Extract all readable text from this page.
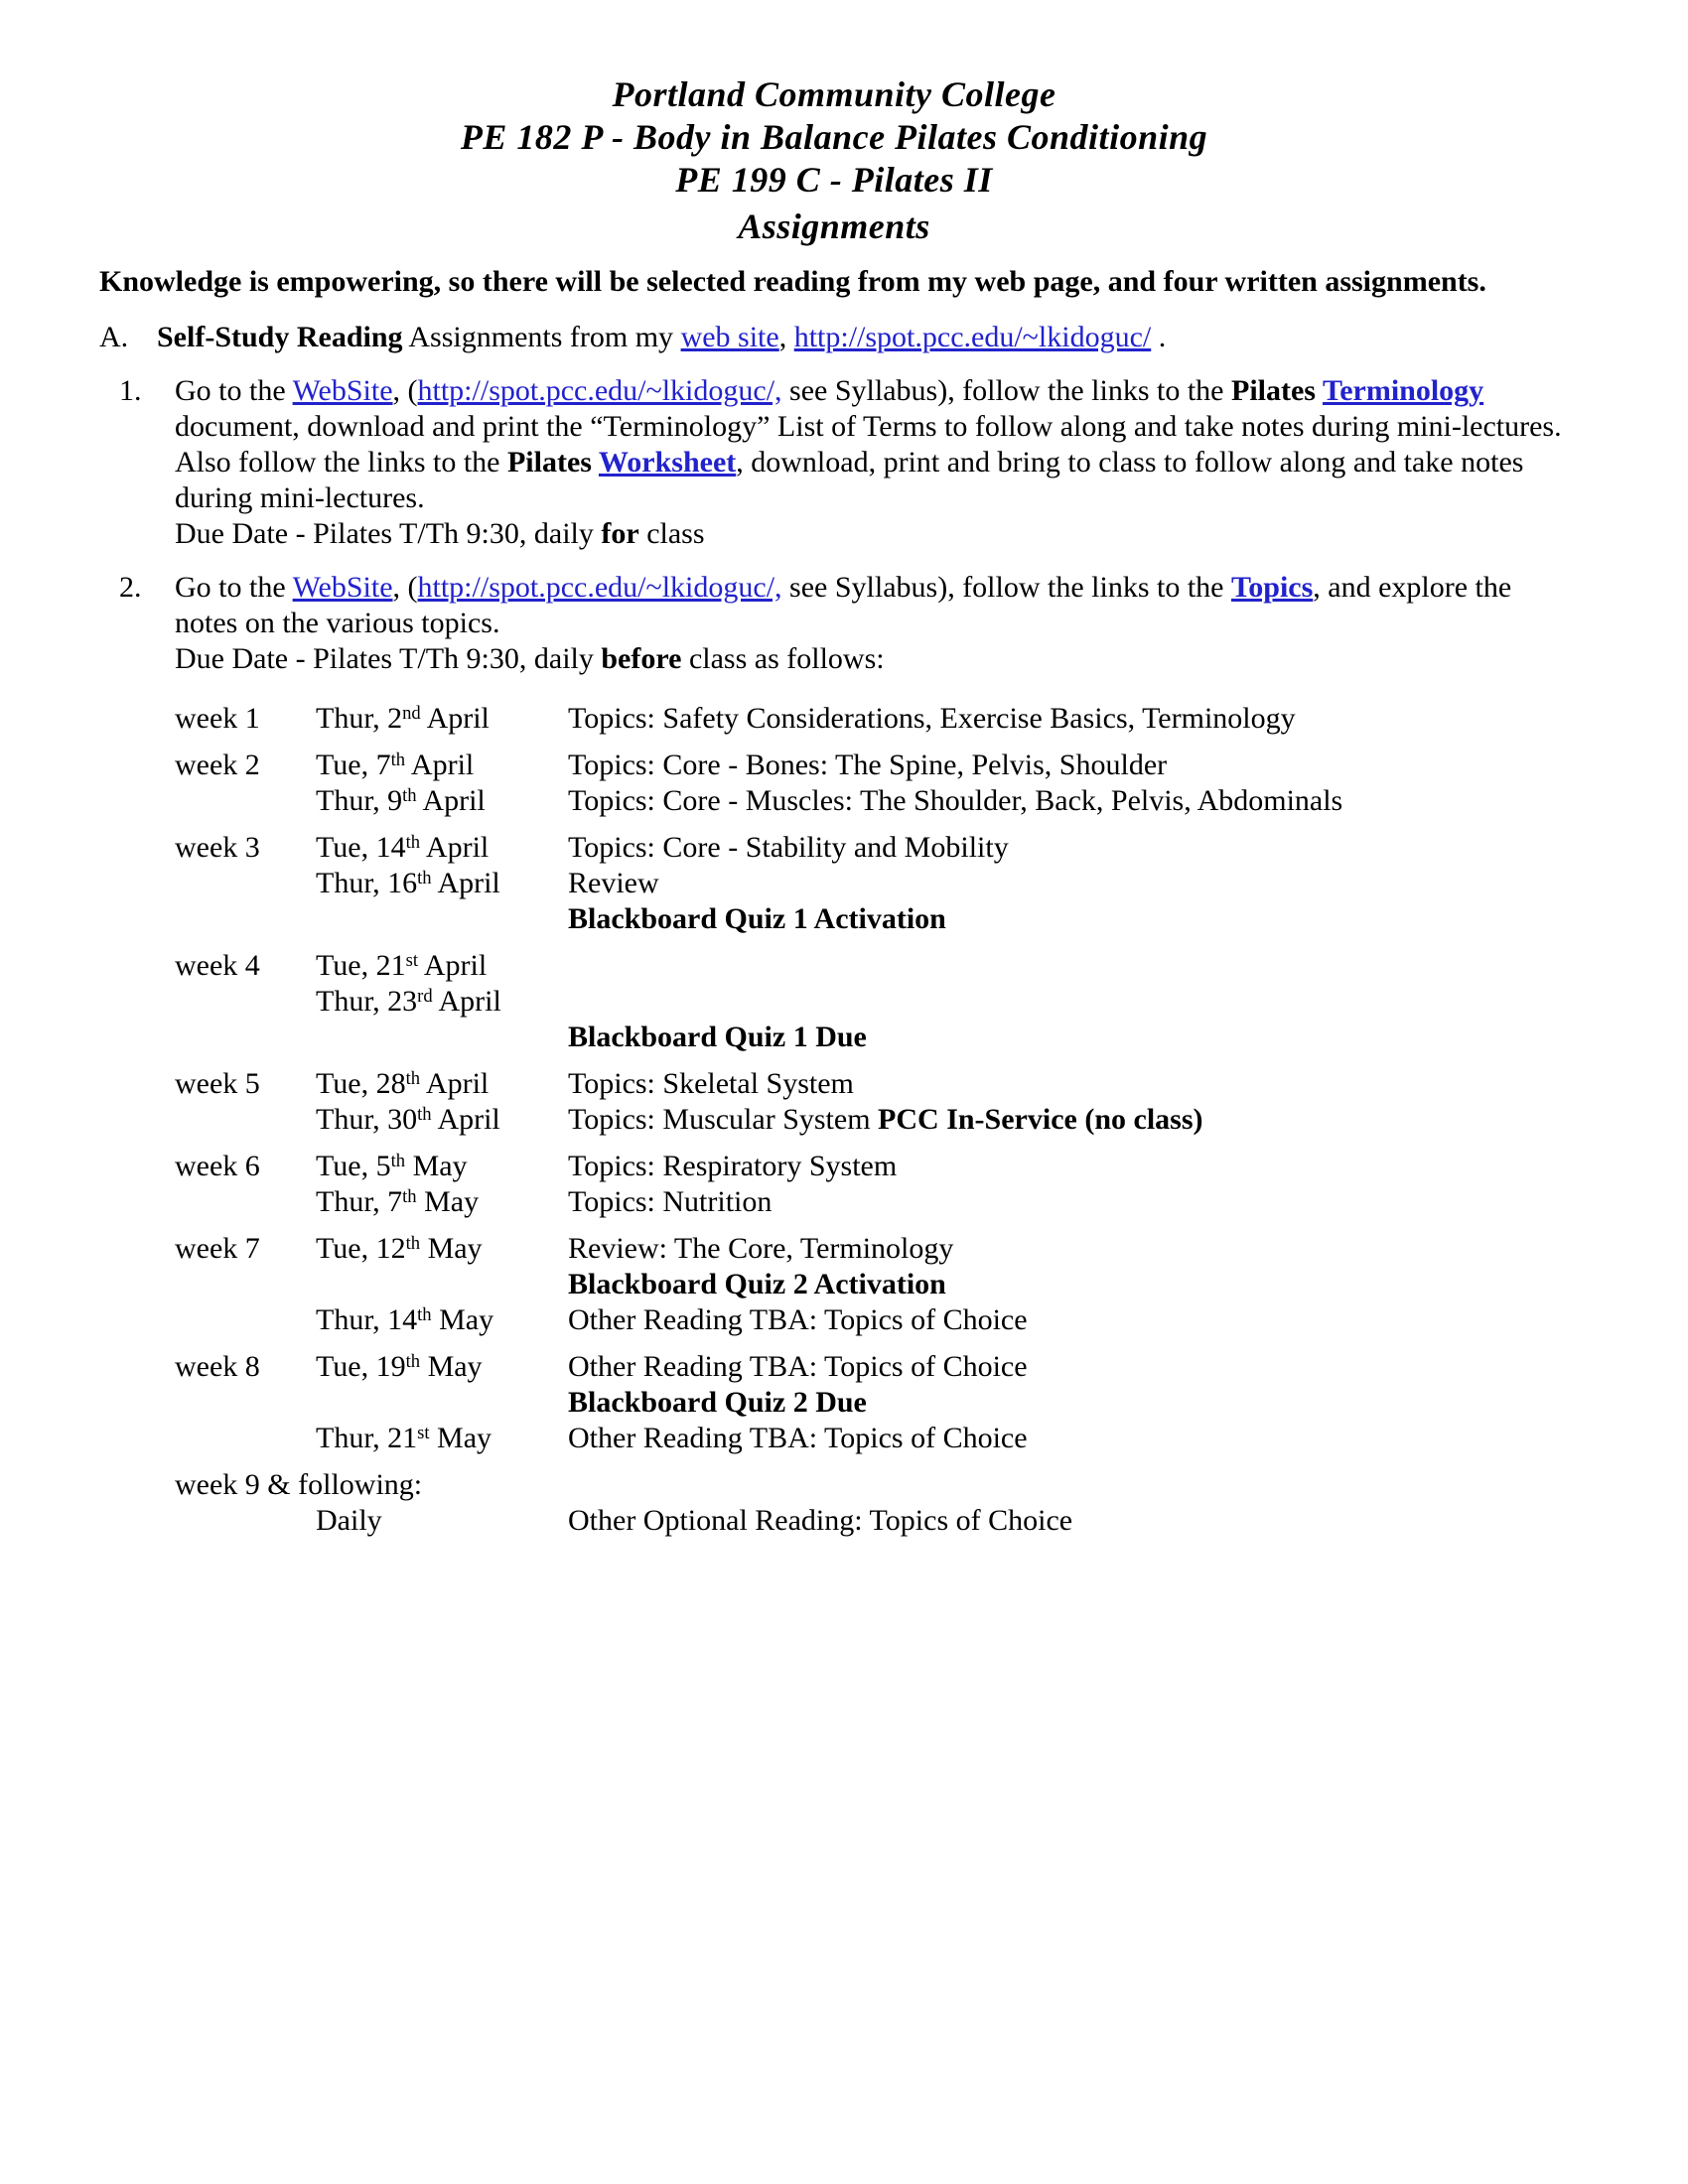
Portland Community College
PE 182 P - Body in Balance Pilates Conditioning
PE 199 C - Pilates II
Assignments

Knowledge is empowering, so there will be selected reading from my web page, and four written assignments.

A. Self-Study Reading Assignments from my web site, http://spot.pcc.edu/~lkidoguc/ .
1.	Go to the WebSite, (http://spot.pcc.edu/~lkidoguc/, see Syllabus), follow the links to the Pilates Terminology document, download and print the “Terminology” List of Terms to follow along and take notes during mini-lectures. Also follow the links to the Pilates Worksheet, download, print and bring to class to follow along and take notes during mini-lectures.
Due Date - Pilates T/Th 9:30, daily for class
2.	Go to the WebSite, (http://spot.pcc.edu/~lkidoguc/, see Syllabus), follow the links to the Topics, and explore the notes on the various topics.
Due Date - Pilates T/Th 9:30, daily before class as follows:
week 1	Thur, 2nd April	Topics: Safety Considerations, Exercise Basics, Terminology
week 2	Tue, 7th April	Topics: Core - Bones: The Spine, Pelvis, Shoulder
Thur, 9th April	Topics: Core - Muscles: The Shoulder, Back, Pelvis, Abdominals
week 3	Tue, 14th April	Topics: Core - Stability and Mobility
Thur, 16th April	Review
Blackboard Quiz 1 Activation
week 4	Tue, 21st April
Thur, 23rd April
Blackboard Quiz 1 Due
week 5	Tue, 28th April	Topics: Skeletal System
Thur, 30th April	Topics: Muscular System PCC In-Service (no class)
week 6	Tue, 5th May	Topics: Respiratory System
Thur, 7th May	Topics: Nutrition
week 7	Tue, 12th May	Review: The Core, Terminology
Blackboard Quiz 2 Activation
Thur, 14th May	Other Reading TBA: Topics of Choice
week 8	Tue, 19th May	Other Reading TBA: Topics of Choice
Blackboard Quiz 2 Due
Thur, 21st May	Other Reading TBA: Topics of Choice
week 9 & following:
Daily	Other Optional Reading: Topics of Choice
